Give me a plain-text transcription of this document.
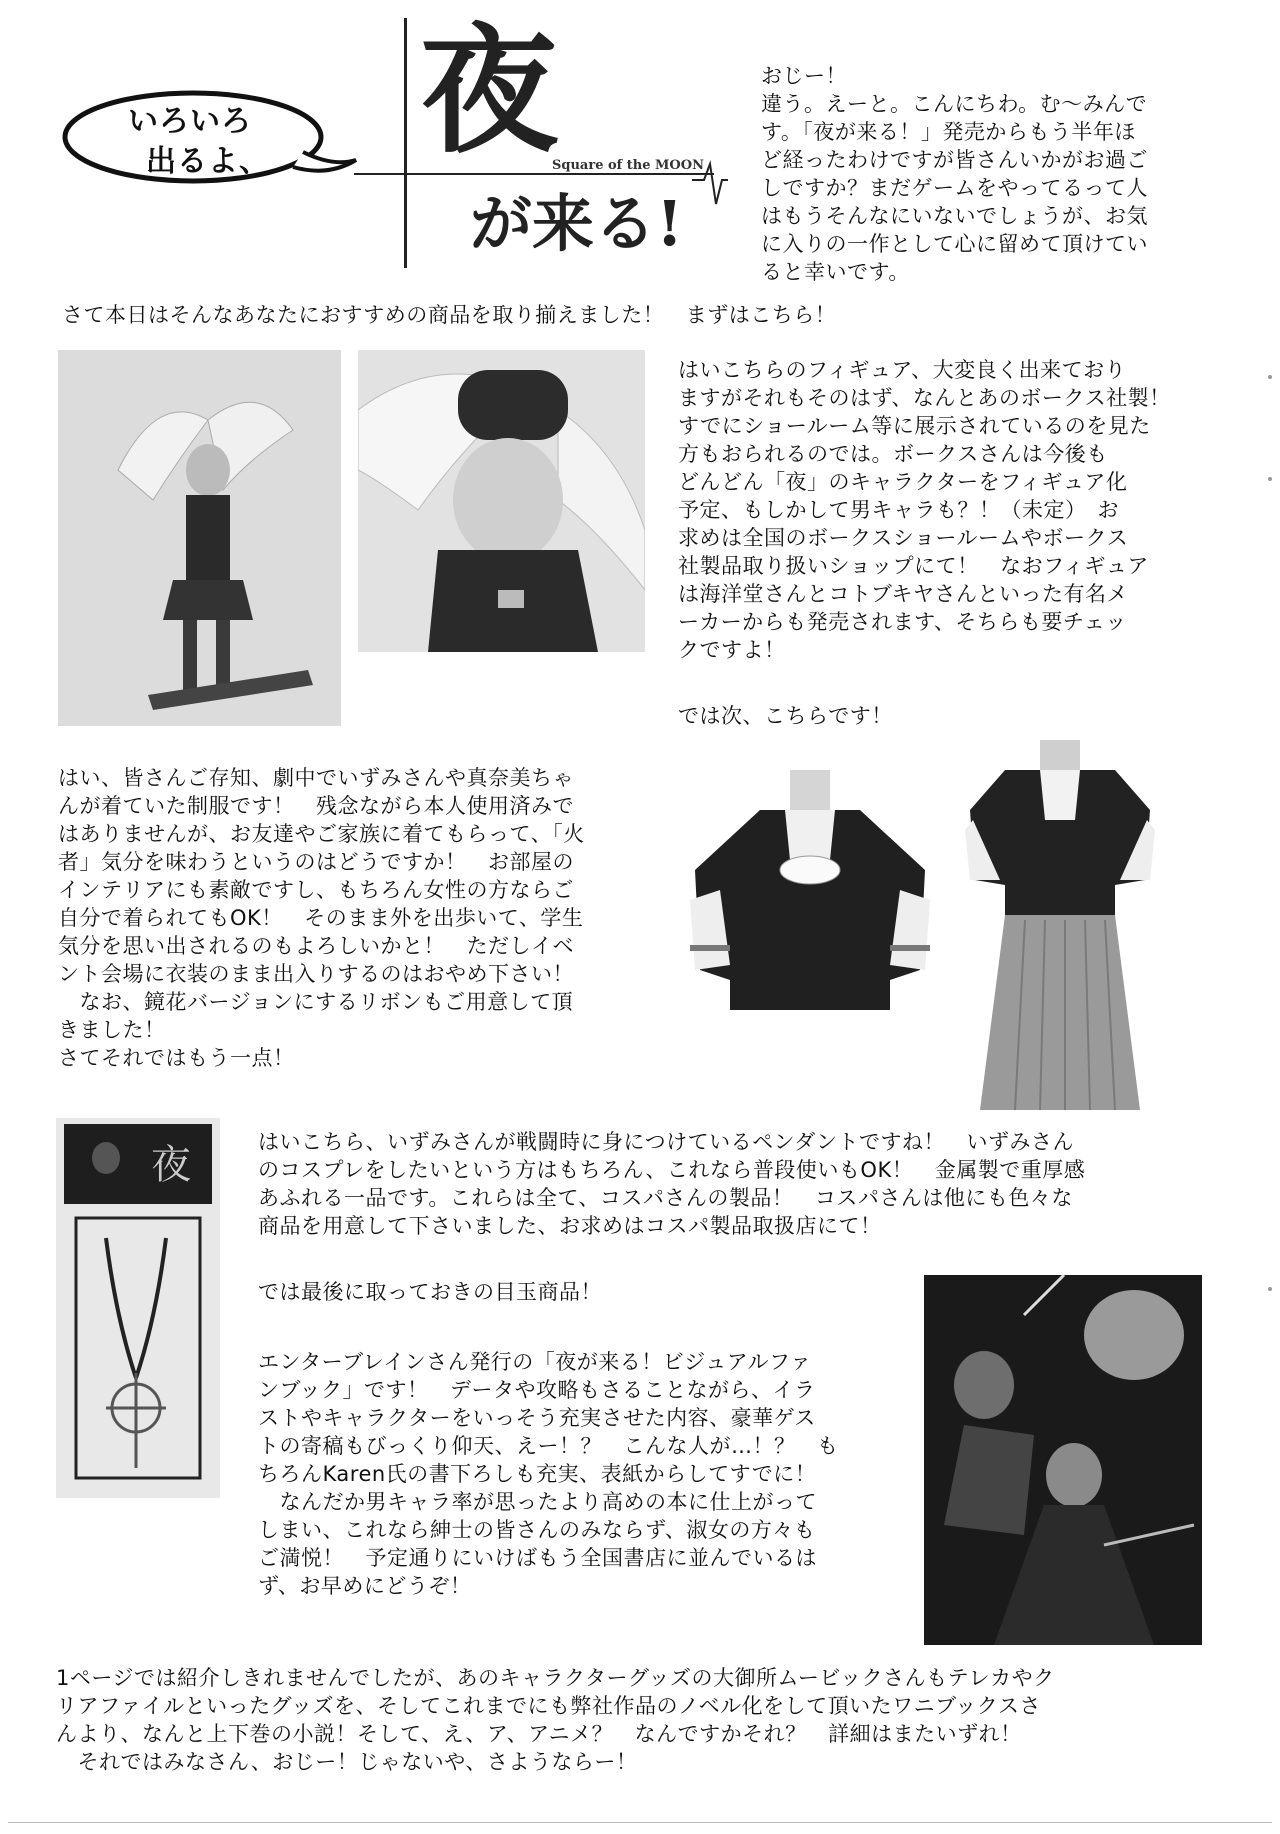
いろいろ
出るよ、 夜
Square of the MOON
が来る!
おじー！
違う。えーと。こんにちわ。む～みんで
す。「夜が来る！」発売からもう半年ほ
ど経ったわけですが皆さんいかがお過ご
しですか？まだゲームをやってるって人
はもうそんなにいないでしょうが、お気
に入りの一作として心に留めて頂けてい
ると幸いです。
さて本日はそんなあなたにおすすめの商品を取り揃えました！　まずはこちら！
はいこちらのフィギュア、大変良く出来ており
ますがそれもそのはず、なんとあのボークス社製！
すでにショールーム等に展示されているのを見た
方もおられるのでは。ボークスさんは今後も
どんどん「夜」のキャラクターをフィギュア化
予定、もしかして男キャラも？！（未定）　お
求めは全国のボークスショールームやボークス
社製品取り扱いショップにて！　なおフィギュア
は海洋堂さんとコトブキヤさんといった有名メ
ーカーからも発売されます、そちらも要チェッ
クですよ！
では次、こちらです！
はい、皆さんご存知、劇中でいずみさんや真奈美ちゃ
んが着ていた制服です！　残念ながら本人使用済みで
はありませんが、お友達やご家族に着てもらって、「火
者」気分を味わうというのはどうですか！　お部屋の
インテリアにも素敵ですし、もちろん女性の方ならご
自分で着られてもOK！　そのまま外を出歩いて、学生
気分を思い出されるのもよろしいかと！　ただしイベ
ント会場に衣装のまま出入りするのはおやめ下さい！
　なお、鏡花バージョンにするリボンもご用意して頂
きました！
さてそれではもう一点！
夜	はいこちら、いずみさんが戦闘時に身につけているペンダントですね！　いずみさん
のコスプレをしたいという方はもちろん、これなら普段使いもOK！　金属製で重厚感
あふれる一品です。これらは全て、コスパさんの製品！　コスパさんは他にも色々な
商品を用意して下さいました、お求めはコスパ製品取扱店にて！
では最後に取っておきの目玉商品！
エンターブレインさん発行の「夜が来る！ビジュアルファ
ンブック」です！　データや攻略もさることながら、イラ
ストやキャラクターをいっそう充実させた内容、豪華ゲス
トの寄稿もびっくり仰天、えー！？　こんな人が…！？　も
ちろんKaren氏の書下ろしも充実、表紙からしてすでに！
　なんだか男キャラ率が思ったより高めの本に仕上がって
しまい、これなら紳士の皆さんのみならず、淑女の方々も
ご満悦！　予定通りにいけばもう全国書店に並んでいるは
ず、お早めにどうぞ！
1ページでは紹介しきれませんでしたが、あのキャラクターグッズの大御所ムービックさんもテレカやク
リアファイルといったグッズを、そしてこれまでにも弊社作品のノベル化をして頂いたワニブックスさ
んより、なんと上下巻の小説！そして、え、ア、アニメ？　なんですかそれ？　詳細はまたいずれ！
　それではみなさん、おじー！じゃないや、さようならー！
